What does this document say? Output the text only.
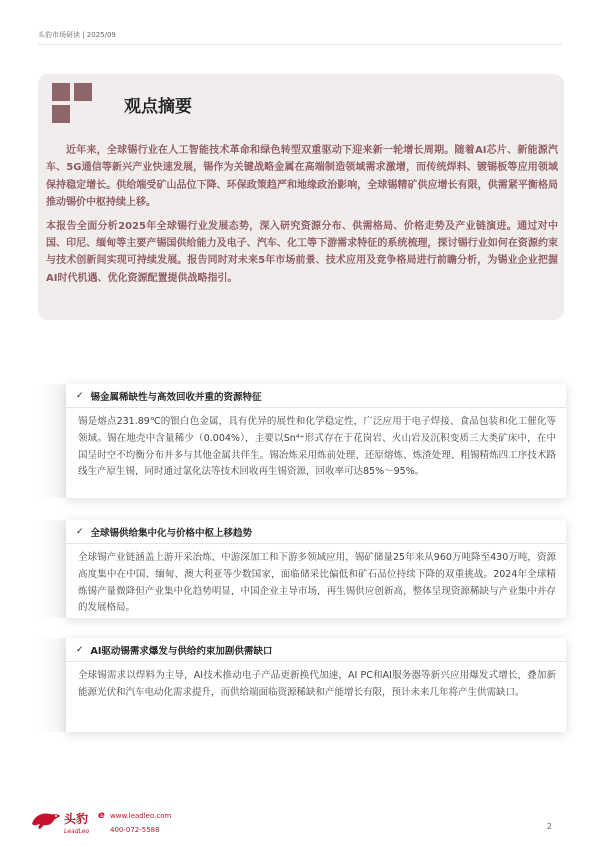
头豹市场研读 | 2025/09
观点摘要

近年来，全球锡行业在人工智能技术革命和绿色转型双重驱动下迎来新一轮增长周期。随着AI芯片、新能源汽车、5G通信等新兴产业快速发展，锡作为关键战略金属在高端制造领域需求激增，而传统焊料、镀锡板等应用领域保持稳定增长。供给端受矿山品位下降、环保政策趋严和地缘政治影响，全球锡精矿供应增长有限，供需紧平衡格局推动锡价中枢持续上移。

本报告全面分析2025年全球锡行业发展态势，深入研究资源分布、供需格局、价格走势及产业链演进。通过对中国、印尼、缅甸等主要产锡国供给能力及电子、汽车、化工等下游需求特征的系统梳理，探讨锡行业如何在资源约束与技术创新间实现可持续发展。报告同时对未来5年市场前景、技术应用及竞争格局进行前瞻分析，为锡业企业把握AI时代机遇、优化资源配置提供战略指引。

✓ 锡金属稀缺性与高效回收并重的资源特征
锡是熔点231.89℃的银白色金属，具有优异的展性和化学稳定性，广泛应用于电子焊接、食品包装和化工催化等领域。锡在地壳中含量稀少（0.004%），主要以Sn⁴⁺形式存在于花岗岩、火山岩及沉积变质三大类矿床中，在中国呈时空不均衡分布并多与其他金属共伴生。锡冶炼采用炼前处理、还原熔炼、炼渣处理、粗锡精炼四工序技术路线生产原生锡，同时通过氯化法等技术回收再生锡资源，回收率可达85%～95%。
✓ 全球锡供给集中化与价格中枢上移趋势
全球锡产业链涵盖上游开采冶炼、中游深加工和下游多领域应用，锡矿储量25年来从960万吨降至430万吨，资源高度集中在中国、缅甸、澳大利亚等少数国家，面临储采比偏低和矿石品位持续下降的双重挑战。2024年全球精炼锡产量微降但产业集中化趋势明显，中国企业主导市场，再生锡供应创新高，整体呈现资源稀缺与产业集中并存的发展格局。
✓ AI驱动锡需求爆发与供给约束加剧供需缺口
全球锡需求以焊料为主导，AI技术推动电子产品更新换代加速，AI PC和AI服务器等新兴应用爆发式增长，叠加新能源光伏和汽车电动化需求提升，而供给端面临资源稀缺和产能增长有限，预计未来几年将产生供需缺口。
头豹
LeadLeo
e www.leadleo.com
400-072-5588	2
